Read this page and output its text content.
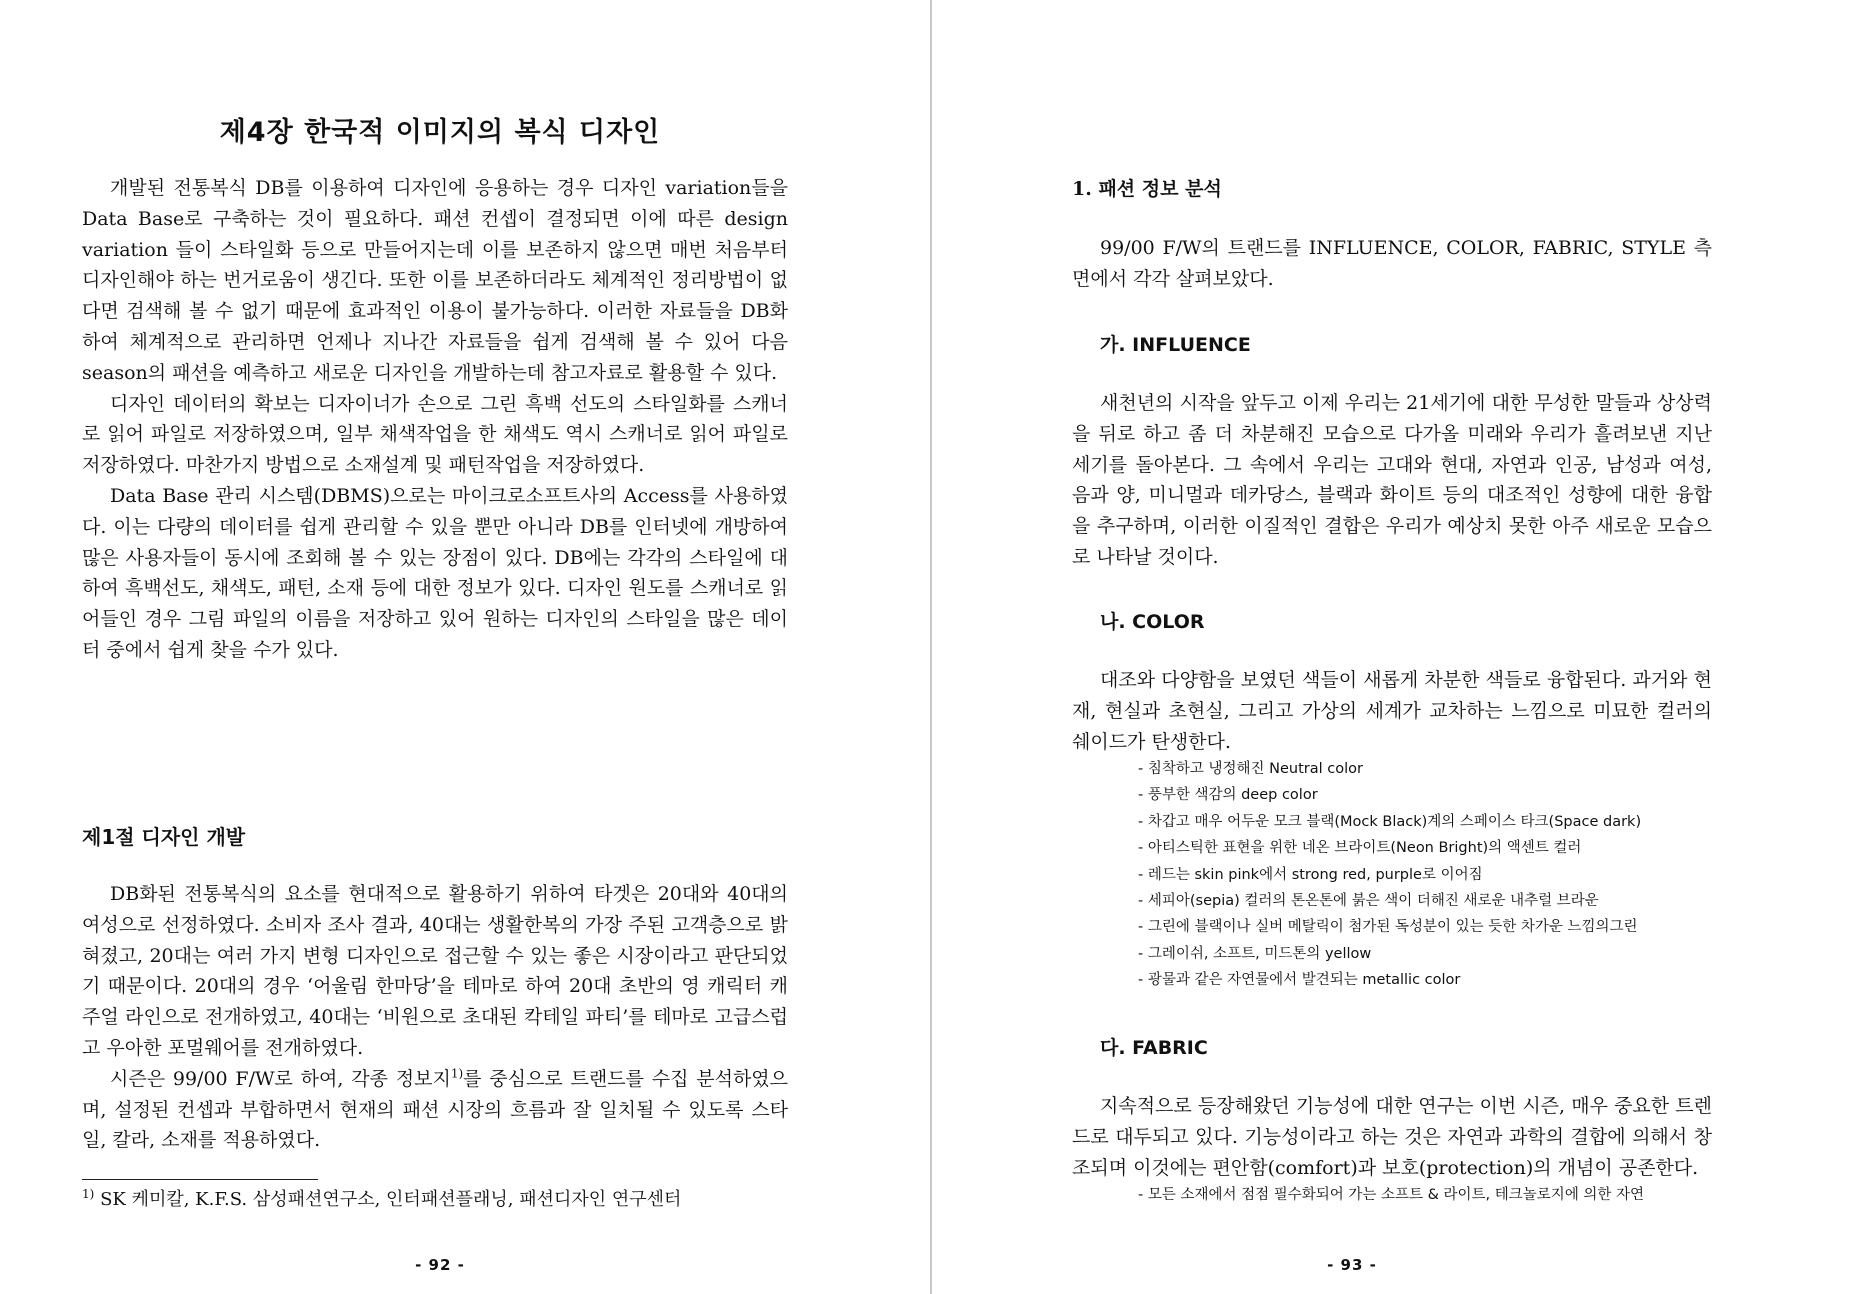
제4장 한국적 이미지의 복식 디자인

개발된 전통복식 DB를 이용하여 디자인에 응용하는 경우 디자인 variation들을 Data Base로 구축하는 것이 필요하다. 패션 컨셉이 결정되면 이에 따른 design variation 들이 스타일화 등으로 만들어지는데 이를 보존하지 않으면 매번 처음부터 디자인해야 하는 번거로움이 생긴다. 또한 이를 보존하더라도 체계적인 정리방법이 없다면 검색해 볼 수 없기 때문에 효과적인 이용이 불가능하다. 이러한 자료들을 DB화하여 체계적으로 관리하면 언제나 지나간 자료들을 쉽게 검색해 볼 수 있어 다음 season의 패션을 예측하고 새로운 디자인을 개발하는데 참고자료로 활용할 수 있다.

디자인 데이터의 확보는 디자이너가 손으로 그린 흑백 선도의 스타일화를 스캐너로 읽어 파일로 저장하였으며, 일부 채색작업을 한 채색도 역시 스캐너로 읽어 파일로 저장하였다. 마찬가지 방법으로 소재설계 및 패턴작업을 저장하였다.

Data Base 관리 시스템(DBMS)으로는 마이크로소프트사의 Access를 사용하였다. 이는 다량의 데이터를 쉽게 관리할 수 있을 뿐만 아니라 DB를 인터넷에 개방하여 많은 사용자들이 동시에 조회해 볼 수 있는 장점이 있다. DB에는 각각의 스타일에 대하여 흑백선도, 채색도, 패턴, 소재 등에 대한 정보가 있다. 디자인 원도를 스캐너로 읽어들인 경우 그림 파일의 이름을 저장하고 있어 원하는 디자인의 스타일을 많은 데이터 중에서 쉽게 찾을 수가 있다.

제1절 디자인 개발

DB화된 전통복식의 요소를 현대적으로 활용하기 위하여 타겟은 20대와 40대의 여성으로 선정하였다. 소비자 조사 결과, 40대는 생활한복의 가장 주된 고객층으로 밝혀졌고, 20대는 여러 가지 변형 디자인으로 접근할 수 있는 좋은 시장이라고 판단되었기 때문이다. 20대의 경우 ‘어울림 한마당’을 테마로 하여 20대 초반의 영 캐릭터 캐주얼 라인으로 전개하였고, 40대는 ‘비원으로 초대된 칵테일 파티’를 테마로 고급스럽고 우아한 포멀웨어를 전개하였다.

시즌은 99/00 F/W로 하여, 각종 정보지$^{1)}$를 중심으로 트랜드를 수집 분석하였으며, 설정된 컨셉과 부합하면서 현재의 패션 시장의 흐름과 잘 일치될 수 있도록 스타일, 칼라, 소재를 적용하였다.

$^{1)}$ SK 케미칼, K.F.S. 삼성패션연구소, 인터패션플래닝, 패션디자인 연구센터
- 92 -
1. 패션 정보 분석

99/00 F/W의 트랜드를 INFLUENCE, COLOR, FABRIC, STYLE 측면에서 각각 살펴보았다.

가. INFLUENCE

새천년의 시작을 앞두고 이제 우리는 21세기에 대한 무성한 말들과 상상력을 뒤로 하고 좀 더 차분해진 모습으로 다가올 미래와 우리가 흘려보낸 지난 세기를 돌아본다. 그 속에서 우리는 고대와 현대, 자연과 인공, 남성과 여성, 음과 양, 미니멀과 데카당스, 블랙과 화이트 등의 대조적인 성향에 대한 융합을 추구하며, 이러한 이질적인 결합은 우리가 예상치 못한 아주 새로운 모습으로 나타날 것이다.

나. COLOR

대조와 다양함을 보였던 색들이 새롭게 차분한 색들로 융합된다. 과거와 현재, 현실과 초현실, 그리고 가상의 세계가 교차하는 느낌으로 미묘한 컬러의 쉐이드가 탄생한다.

- 침착하고 냉정해진 Neutral color
- 풍부한 색감의 deep color
- 차갑고 매우 어두운 모크 블랙(Mock Black)계의 스페이스 타크(Space dark)
- 아티스틱한 표현을 위한 네온 브라이트(Neon Bright)의 액센트 컬러
- 레드는 skin pink에서 strong red, purple로 이어짐
- 세피아(sepia) 컬러의 톤온톤에 붉은 색이 더해진 새로운 내추럴 브라운
- 그린에 블랙이나 실버 메탈릭이 첨가된 독성분이 있는 듯한 차가운 느낌의그린
- 그레이쉬, 소프트, 미드톤의 yellow
- 광물과 같은 자연물에서 발견되는 metallic color
다. FABRIC

지속적으로 등장해왔던 기능성에 대한 연구는 이번 시즌, 매우 중요한 트렌드로 대두되고 있다. 기능성이라고 하는 것은 자연과 과학의 결합에 의해서 창조되며 이것에는 편안함(comfort)과 보호(protection)의 개념이 공존한다.

- 모든 소재에서 점점 필수화되어 가는 소프트 & 라이트, 테크놀로지에 의한 자연
- 93 -
